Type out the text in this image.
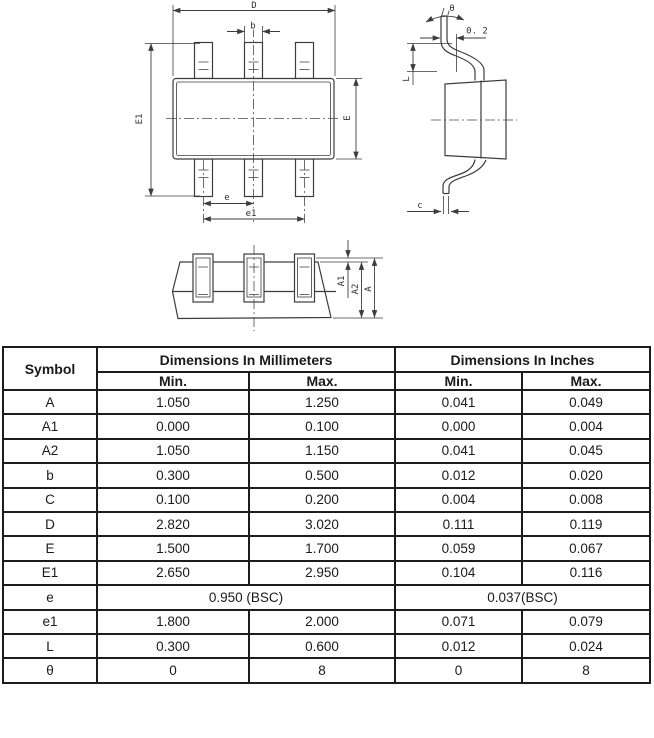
D
b
E1	E
e
e1
θ
0. 2
L
c
A1
A2 A
Symbol	Dimensions In Millimeters		Dimensions In Inches	
	Min.	Max.	Min.	Max.
A	1.050	1.250	0.041	0.049
A1	0.000	0.100	0.000	0.004
A2	1.050	1.150	0.041	0.045
b	0.300	0.500	0.012	0.020
C	0.100	0.200	0.004	0.008
D	2.820	3.020	0.111	0.119
E	1.500	1.700	0.059	0.067
E1	2.650	2.950	0.104	0.116
e	0.950 (BSC)		0.037(BSC)	
e1	1.800	2.000	0.071	0.079
L	0.300	0.600	0.012	0.024
θ	0	8	0	8
